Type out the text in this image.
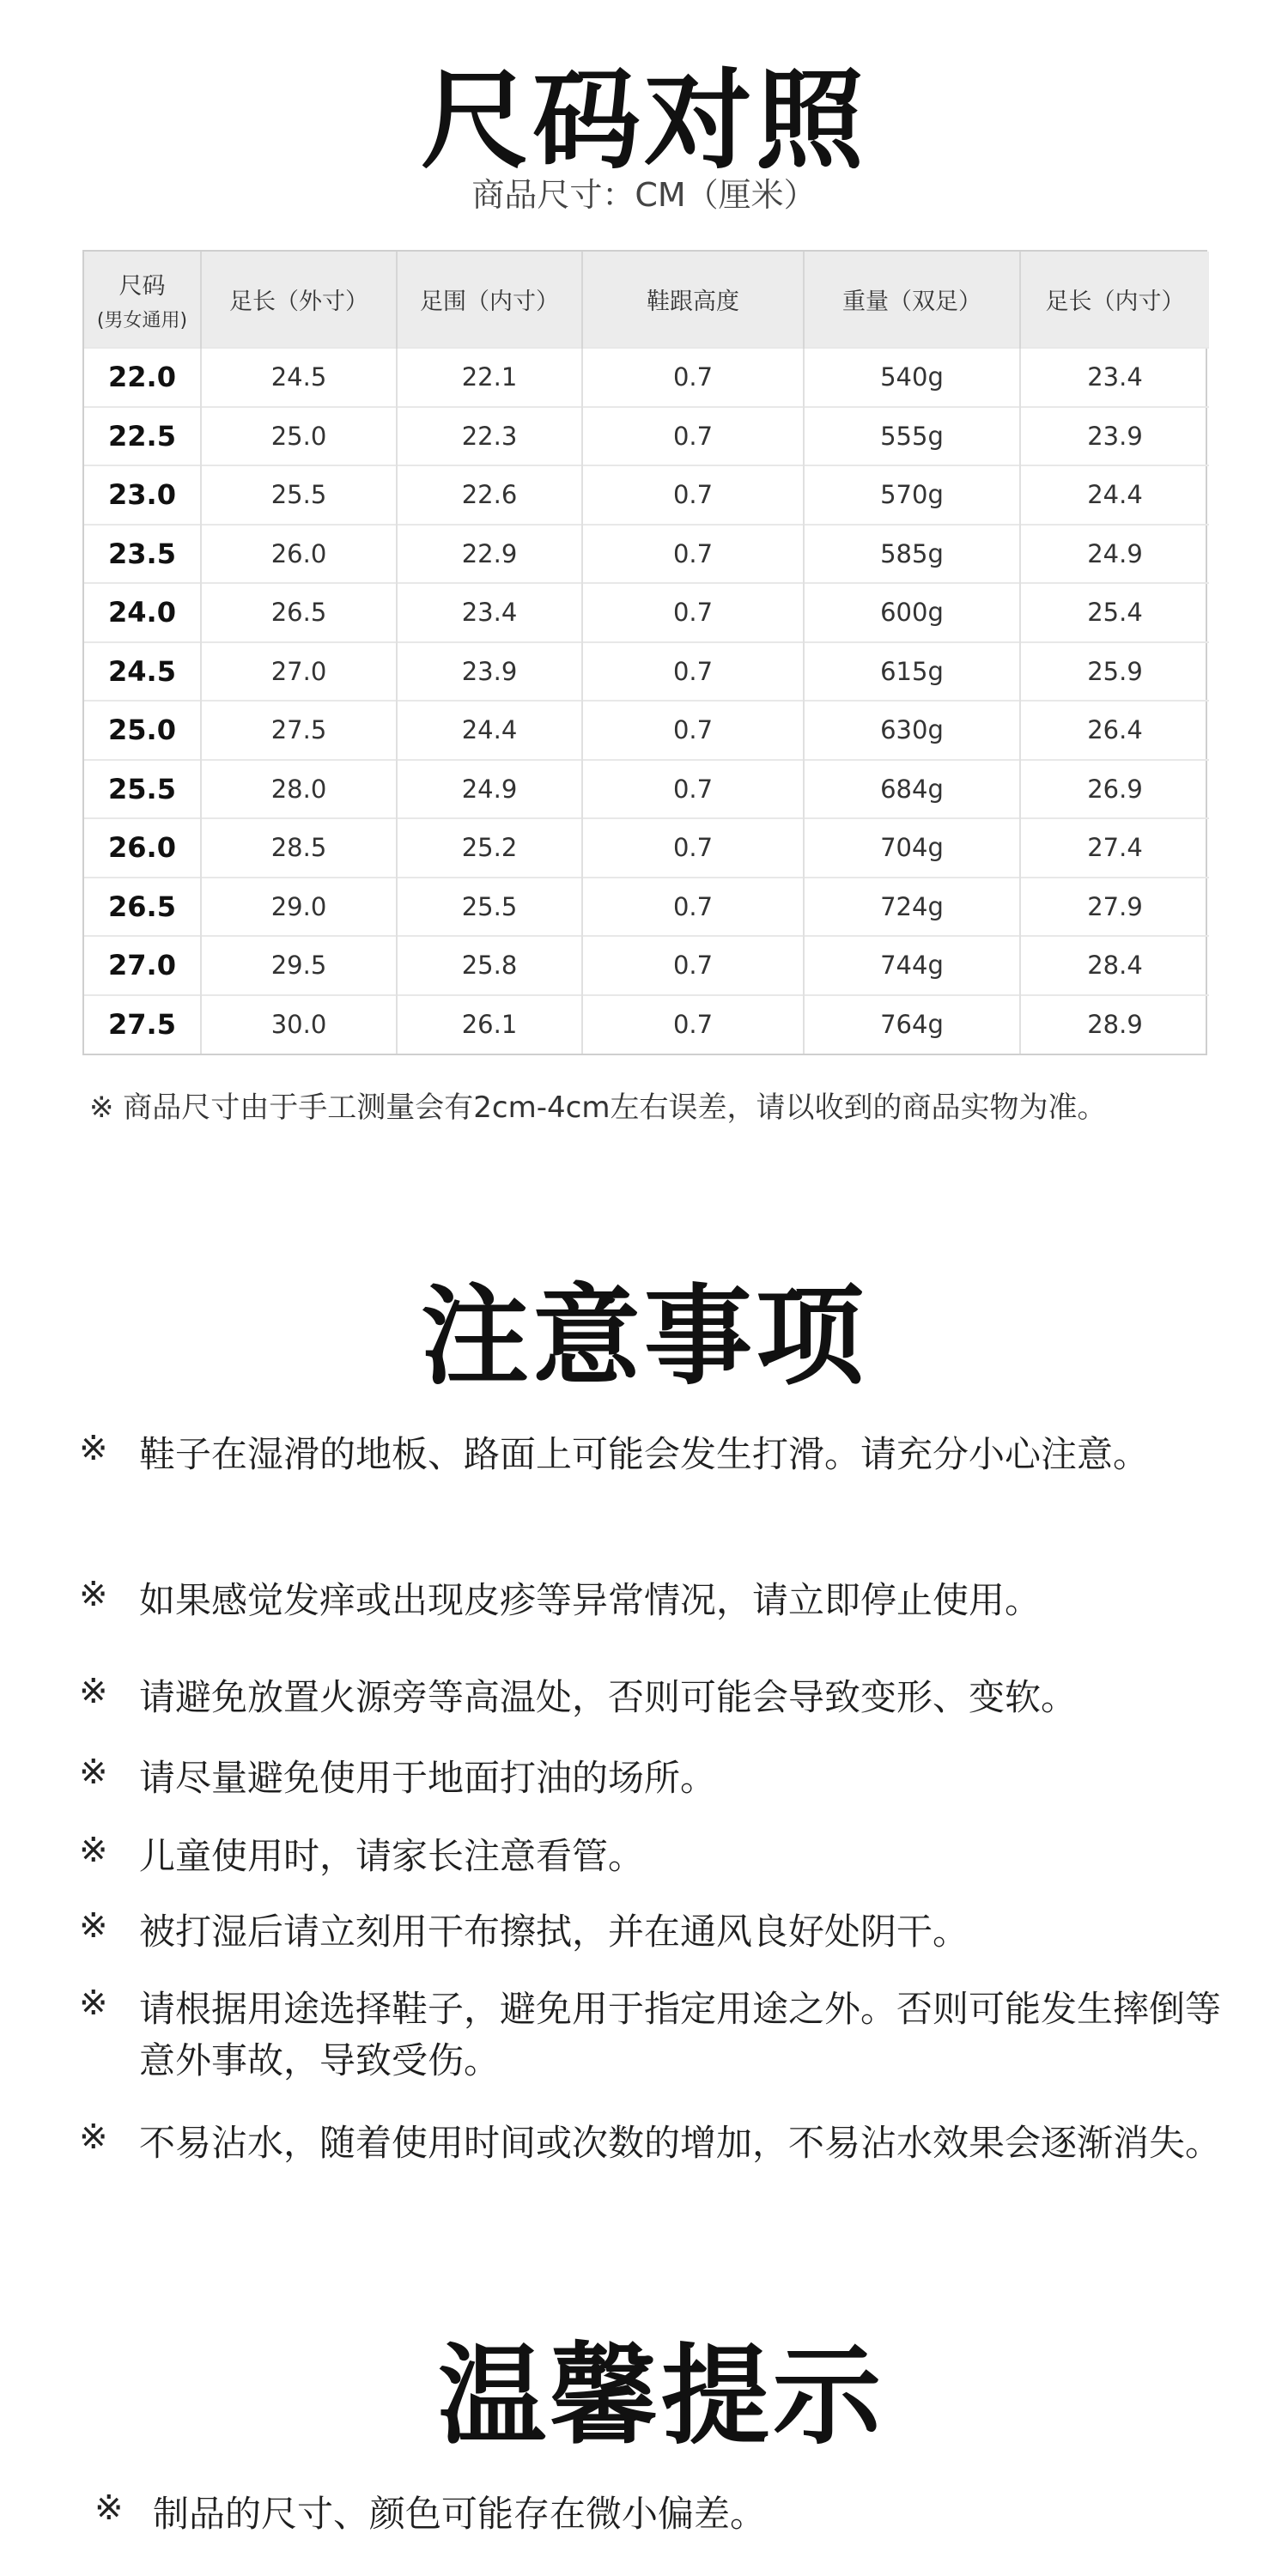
尺码对照
商品尺寸：CM（厘米）
尺码
(男女通用)	足长（外寸）	足围（内寸）	鞋跟高度	重量（双足）	足长（内寸）
22.0	24.5	22.1	0.7	540g	23.4
22.5	25.0	22.3	0.7	555g	23.9
23.0	25.5	22.6	0.7	570g	24.4
23.5	26.0	22.9	0.7	585g	24.9
24.0	26.5	23.4	0.7	600g	25.4
24.5	27.0	23.9	0.7	615g	25.9
25.0	27.5	24.4	0.7	630g	26.4
25.5	28.0	24.9	0.7	684g	26.9
26.0	28.5	25.2	0.7	704g	27.4
26.5	29.0	25.5	0.7	724g	27.9
27.0	29.5	25.8	0.7	744g	28.4
27.5	30.0	26.1	0.7	764g	28.9
※ 商品尺寸由于手工测量会有2cm-4cm左右误差，请以收到的商品实物为准。
注意事项
※ 鞋子在湿滑的地板、路面上可能会发生打滑。请充分小心注意。
※ 如果感觉发痒或出现皮疹等异常情况，请立即停止使用。
※ 请避免放置火源旁等高温处，否则可能会导致变形、变软。
※ 请尽量避免使用于地面打油的场所。
※ 儿童使用时，请家长注意看管。
※ 被打湿后请立刻用干布擦拭，并在通风良好处阴干。
※ 请根据用途选择鞋子，避免用于指定用途之外。否则可能发生摔倒等意外事故，导致受伤。
※ 不易沾水，随着使用时间或次数的增加，不易沾水效果会逐渐消失。
温馨提示
※ 制品的尺寸、颜色可能存在微小偏差。
